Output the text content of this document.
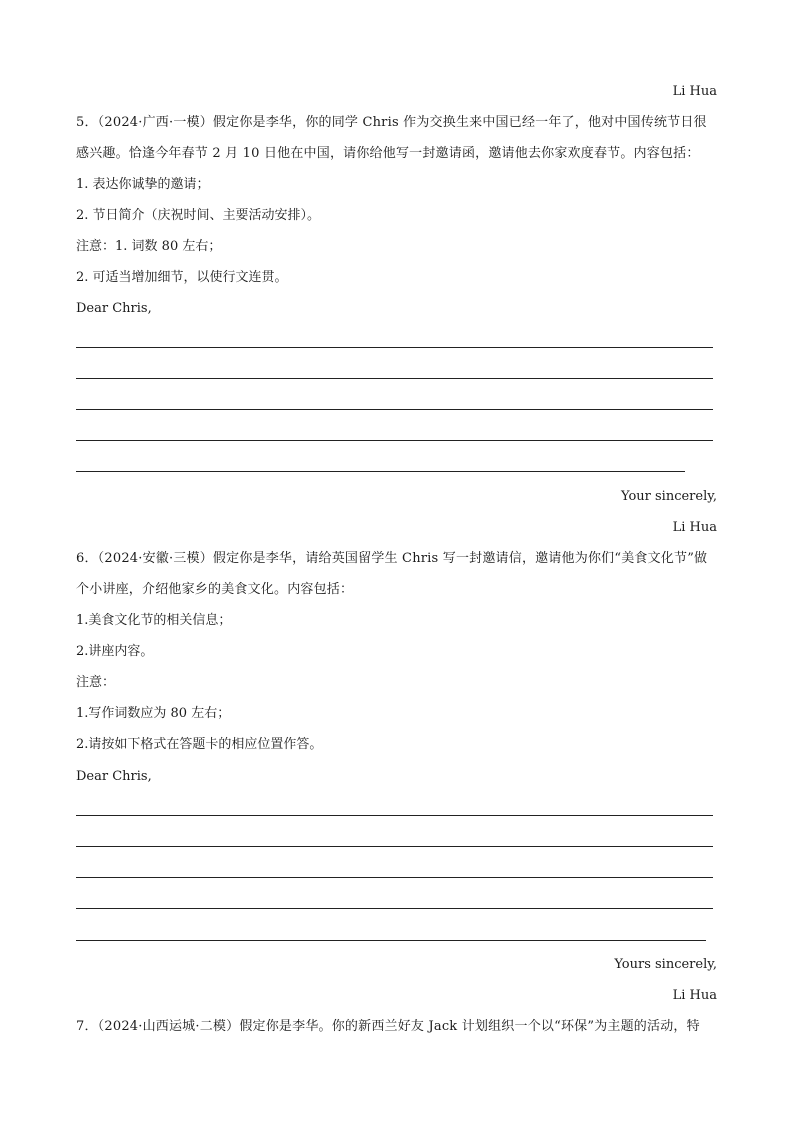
Li Hua
5．（2024·广西·一模）假定你是李华，你的同学 Chris 作为交换生来中国已经一年了，他对中国传统节日很
感兴趣。恰逢今年春节 2 月 10 日他在中国，请你给他写一封邀请函，邀请他去你家欢度春节。内容包括：
1. 表达你诚挚的邀请；
2. 节日简介（庆祝时间、主要活动安排）。
注意：1. 词数 80 左右；
2. 可适当增加细节，以使行文连贯。
Dear Chris,
Your sincerely,
Li Hua
6．（2024·安徽·三模）假定你是李华，请给英国留学生 Chris 写一封邀请信，邀请他为你们“美食文化节”做
个小讲座，介绍他家乡的美食文化。内容包括：
1.美食文化节的相关信息；
2.讲座内容。
注意：
1.写作词数应为 80 左右；
2.请按如下格式在答题卡的相应位置作答。
Dear Chris,
Yours sincerely,
Li Hua
7．（2024·山西运城·二模）假定你是李华。你的新西兰好友 Jack 计划组织一个以“环保”为主题的活动，特
